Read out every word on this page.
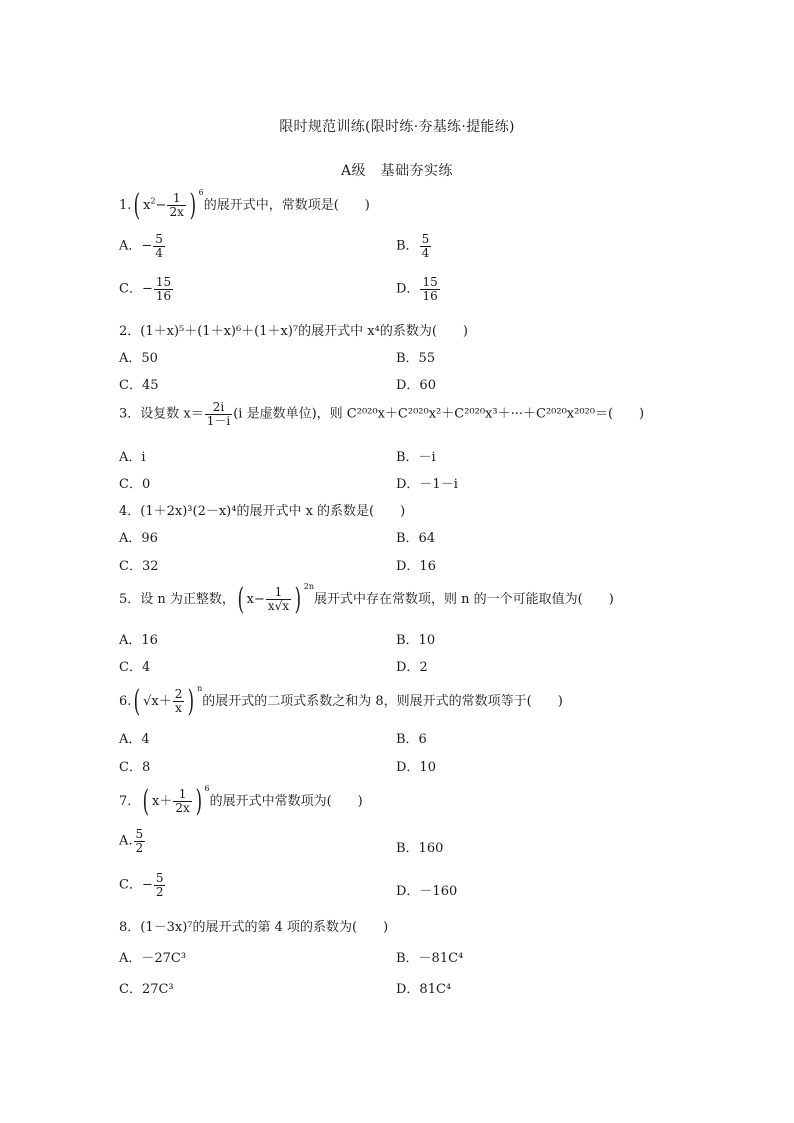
限时规范训练(限时练·夯基练·提能练)
A级　基础夯实练
1.( $x^2- \frac{1}{2x}$ ) $^6$的展开式中，常数项是(　　)
A．− $\frac{5}{4}$	B． $\frac{5}{4}$
C．− $\frac{15}{16}$	D． $\frac{15}{16}$
2．(1＋x)⁵＋(1＋x)⁶＋(1＋x)⁷的展开式中 x⁴的系数为(　　)
A．50	B．55
C．45	D．60
3．设复数 $x= \frac{2i}{1-i} (i$ 是虚数单位)，则 C²⁰²⁰x＋C²⁰²⁰x²＋C²⁰²⁰x³＋···＋C²⁰²⁰x²⁰²⁰＝(　　)
A．i	B．－i
C．0	D．－1－i
4．(1＋2x)³(2－x)⁴的展开式中 x 的系数是(　　)
A．96	B．64
C．32	D．16
5．设 n 为正整数，( $x- \frac{1}{x√x}$ ) $^{2n}$展开式中存在常数项，则 n 的一个可能取值为(　　)
A．16	B．10
C．4	D．2
6.( $√x+ \frac{2}{x}$ ) $^n$的展开式的二项式系数之和为 8，则展开式的常数项等于(　　)
A．4	B．6
C．8	D．10
7．( $x+ \frac{1}{2x}$ ) $^6$的展开式中常数项为(　　)
A. $\frac{5}{2}$	B．160
C．− $\frac{5}{2}$	D．－160
8．(1－3x)⁷的展开式的第 4 项的系数为(　　)
A．－27C³	B．－81C⁴
C．27C³	D．81C⁴
